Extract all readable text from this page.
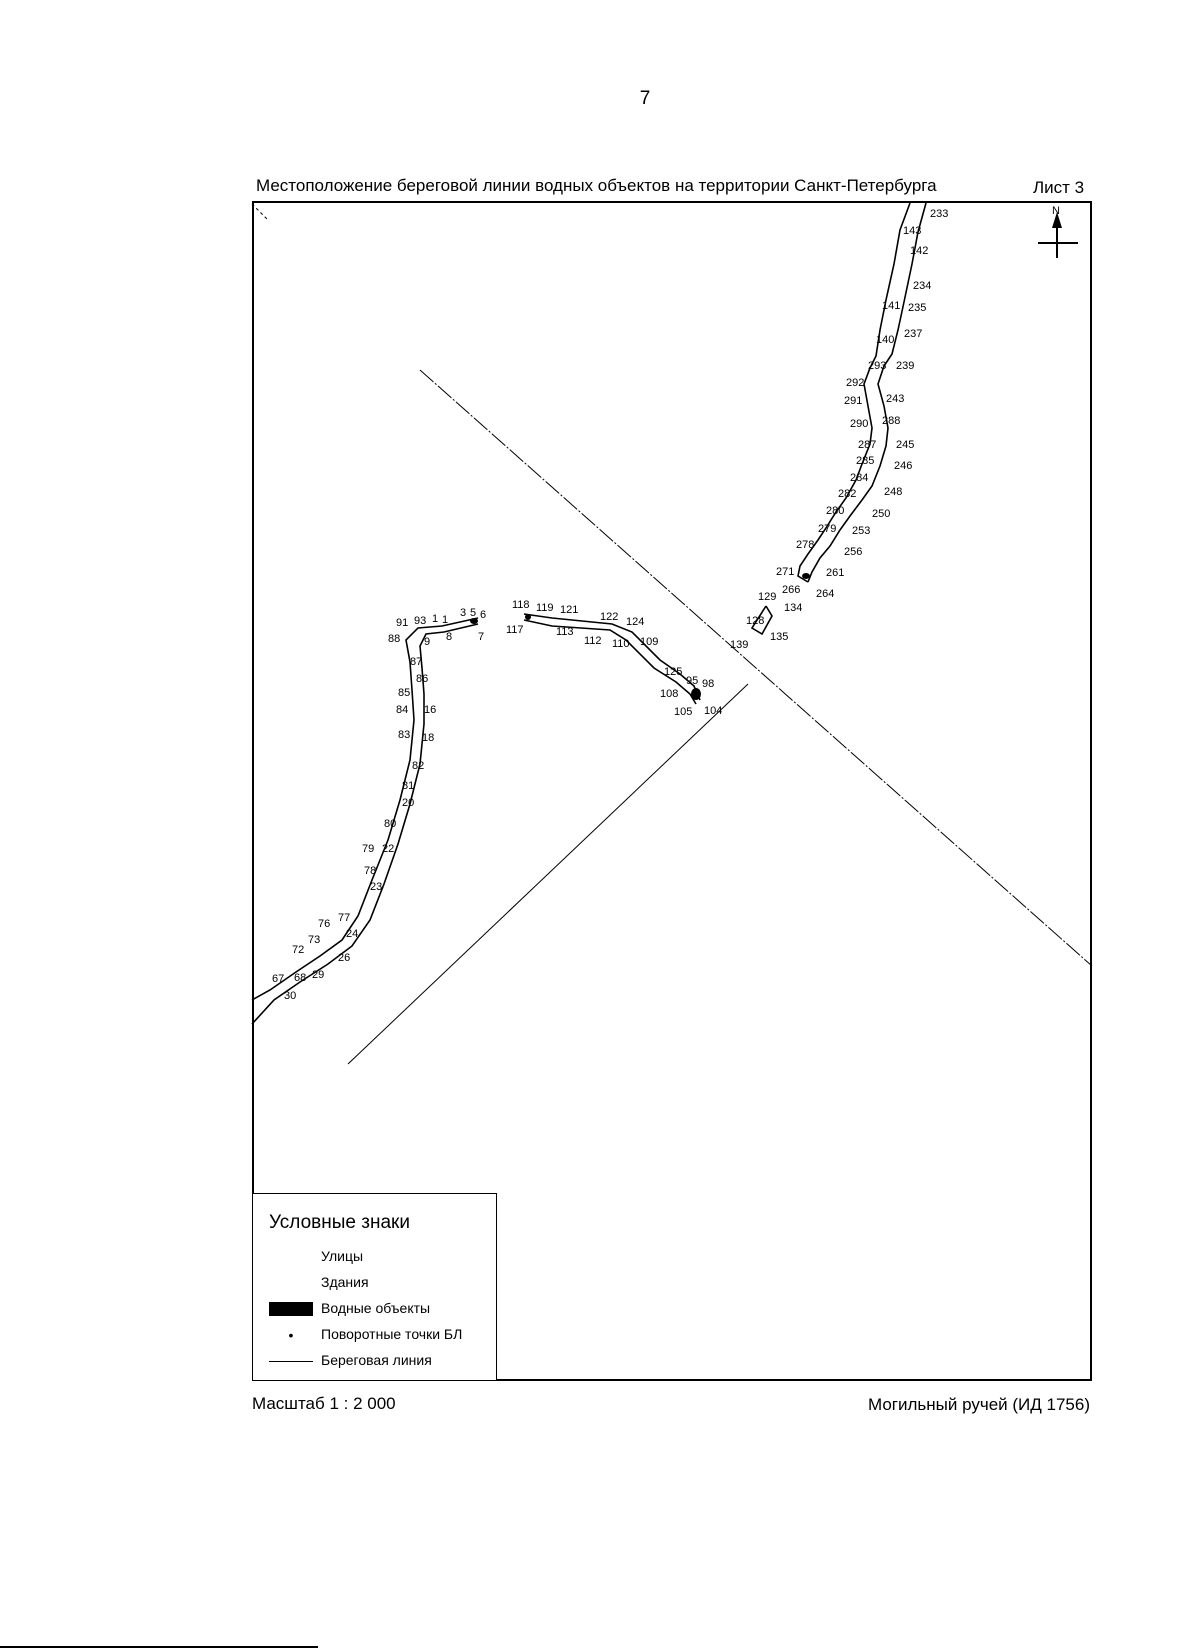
7
Местоположение береговой линии водных объектов на территории Санкт-Петербурга	Лист 3
N
233
143
142
234
141 235
140 237
293 239
292
291 243
290 288
287 245
285 246
284
282	248
280	250
279 253
278
256
271	261
266 264
129
134
128
135
139
118 119 121
117	113
122 124
112 110 109
125
95 98
108
105 104
91 93 1 1
3 5 6
88 9 8 7
87
86
85
84 16
83 18
82
81
20
80
79 22
78
23
76 77
73 24
72
26
67 68 29
30
Условные знаки
Улицы
Здания
Водные объекты
•	Поворотные точки БЛ
Береговая линия
Масштаб 1 : 2 000	Могильный ручей (ИД 1756)
